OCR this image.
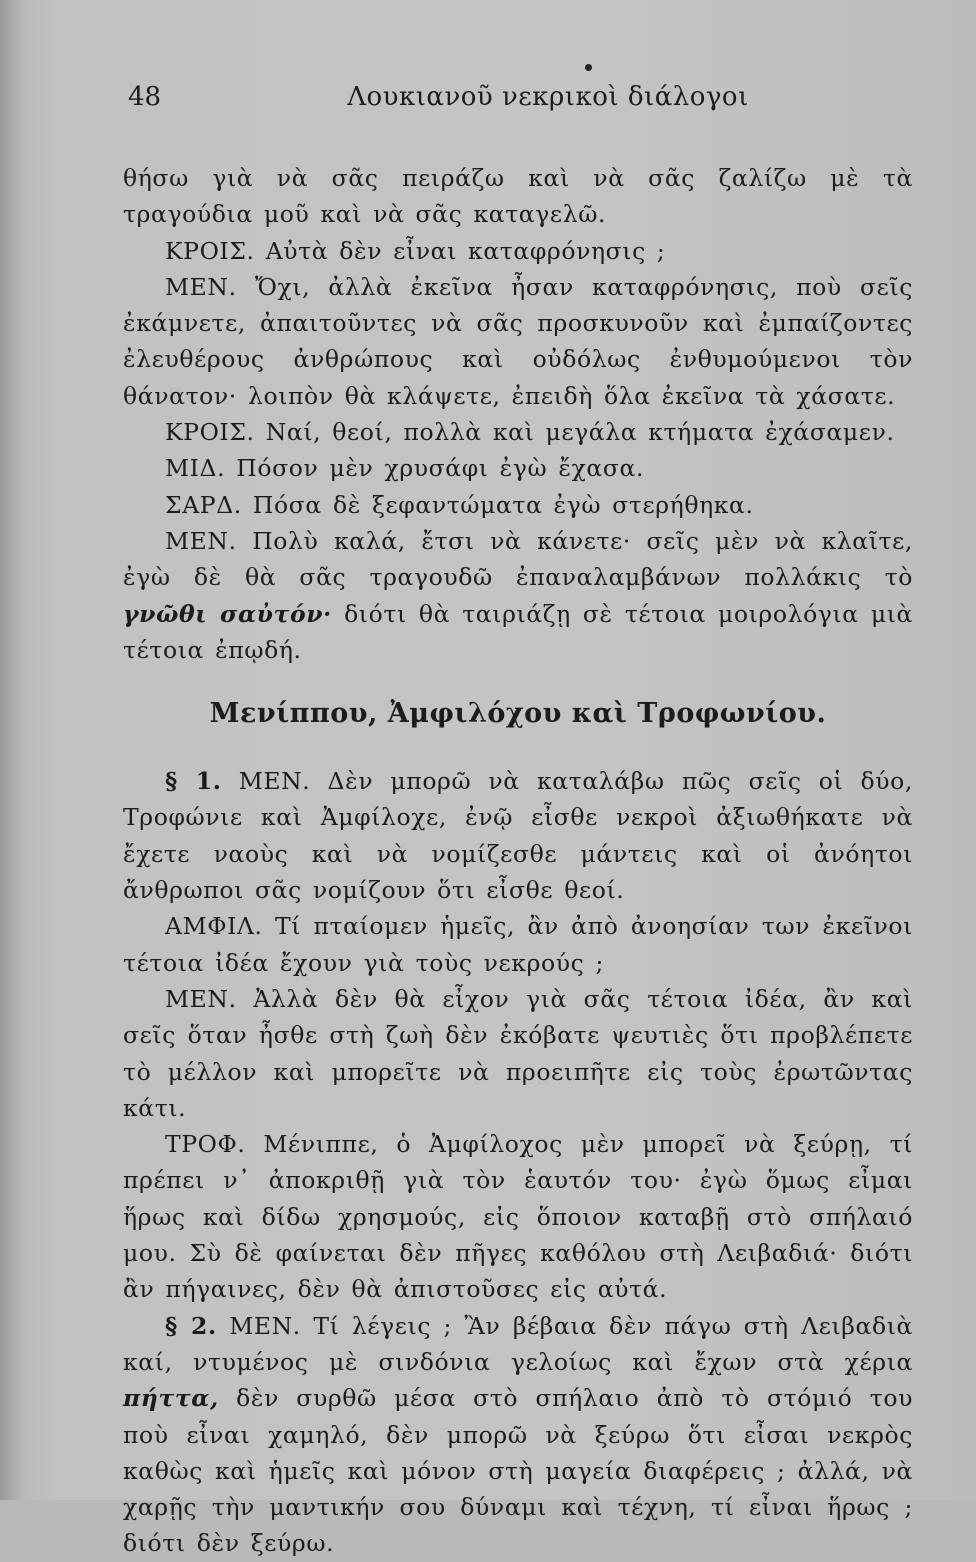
48	Λουκιανοῦ νεκρικοὶ διάλογοι

θήσω γιὰ νὰ σᾶς πειράζω καὶ νὰ σᾶς ζαλίζω μὲ τὰ τραγούδια μοῦ καὶ νὰ σᾶς καταγελῶ.

ΚΡΟΙΣ. Αὐτὰ δὲν εἶναι καταφρόνησις ;

ΜΕΝ. Ὄχι, ἀλλὰ ἐκεῖνα ἦσαν καταφρόνησις, ποὺ σεῖς ἐκάμνετε, ἀπαιτοῦντες νὰ σᾶς προσκυνοῦν καὶ ἐμπαίζοντες ἐλευθέρους ἀνθρώπους καὶ οὐδόλως ἐνθυμούμενοι τὸν θάνατον· λοιπὸν θὰ κλάψετε, ἐπειδὴ ὅλα ἐκεῖνα τὰ χάσατε.

ΚΡΟΙΣ. Ναί, θεοί, πολλὰ καὶ μεγάλα κτήματα ἐχάσαμεν.

ΜΙΔ. Πόσον μὲν χρυσάφι ἐγὼ ἔχασα.

ΣΑΡΔ. Πόσα δὲ ξεφαντώματα ἐγὼ στερήθηκα.

ΜΕΝ. Πολὺ καλά, ἔτσι νὰ κάνετε· σεῖς μὲν νὰ κλαῖτε, ἐγὼ δὲ θὰ σᾶς τραγουδῶ ἐπαναλαμβάνων πολλάκις τὸ γνῶθι σαὐτόν· διότι θὰ ταιριάζῃ σὲ τέτοια μοιρολόγια μιὰ τέτοια ἐπῳδή.

Μενίππου, Ἀμφιλόχου καὶ Τροφωνίου.

§ 1. ΜΕΝ. Δὲν μπορῶ νὰ καταλάβω πῶς σεῖς οἱ δύο, Τροφώνιε καὶ Ἀμφίλοχε, ἐνῷ εἶσθε νεκροὶ ἀξιωθήκατε νὰ ἔχετε ναοὺς καὶ νὰ νομίζεσθε μάντεις καὶ οἱ ἀνόητοι ἄνθρωποι σᾶς νομίζουν ὅτι εἶσθε θεοί.

ΑΜΦΙΛ. Τί πταίομεν ἡμεῖς, ἂν ἀπὸ ἀνοησίαν των ἐκεῖνοι τέτοια ἰδέα ἔχουν γιὰ τοὺς νεκρούς ;

ΜΕΝ. Ἀλλὰ δὲν θὰ εἶχον γιὰ σᾶς τέτοια ἰδέα, ἂν καὶ σεῖς ὅταν ἦσθε στὴ ζωὴ δὲν ἐκόβατε ψευτιὲς ὅτι προβλέπετε τὸ μέλλον καὶ μπορεῖτε νὰ προειπῆτε εἰς τοὺς ἐρωτῶντας κάτι.

ΤΡΟΦ. Μένιππε, ὁ Ἀμφίλοχος μὲν μπορεῖ νὰ ξεύρῃ, τί πρέπει ν᾽ ἀποκριθῇ γιὰ τὸν ἑαυτόν του· ἐγὼ ὅμως εἶμαι ἥρως καὶ δίδω χρησμούς, εἰς ὅποιον καταβῇ στὸ σπήλαιό μου. Σὺ δὲ φαίνεται δὲν πῆγες καθόλου στὴ Λειβαδιά· διότι ἂν πήγαινες, δὲν θὰ ἀπιστοῦσες εἰς αὐτά.

§ 2. ΜΕΝ. Τί λέγεις ; Ἂν βέβαια δὲν πάγω στὴ Λειβαδιὰ καί, ντυμένος μὲ σινδόνια γελοίως καὶ ἔχων στὰ χέρια πήττα, δὲν συρθῶ μέσα στὸ σπήλαιο ἀπὸ τὸ στόμιό του ποὺ εἶναι χαμηλό, δὲν μπορῶ νὰ ξεύρω ὅτι εἶσαι νεκρὸς καθὼς καὶ ἡμεῖς καὶ μόνον στὴ μαγεία διαφέρεις ; ἀλλά, νὰ χαρῇς τὴν μαντικήν σου δύναμι καὶ τέχνη, τί εἶναι ἥρως ; διότι δὲν ξεύρω.
